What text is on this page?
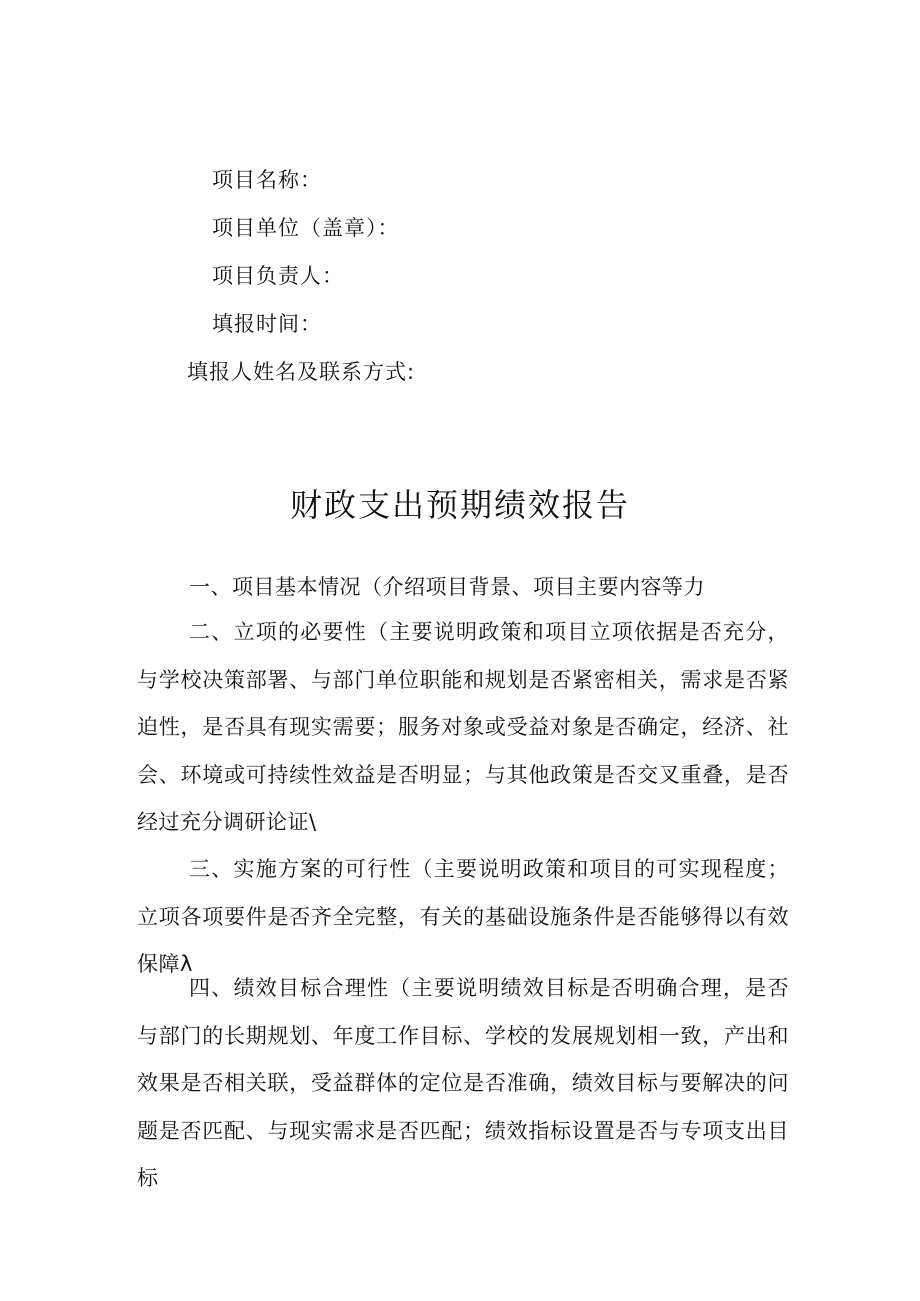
项目名称：
项目单位（盖章）：
项目负责人：
填报时间：
填报人姓名及联系方式:
财政支出预期绩效报告

一、项目基本情况（介绍项目背景、项目主要内容等力

二、立项的必要性（主要说明政策和项目立项依据是否充分，与学校决策部署、与部门单位职能和规划是否紧密相关，需求是否紧迫性，是否具有现实需要；服务对象或受益对象是否确定，经济、社会、环境或可持续性效益是否明显；与其他政策是否交叉重叠，是否经过充分调研论证\

三、实施方案的可行性（主要说明政策和项目的可实现程度；立项各项要件是否齐全完整，有关的基础设施条件是否能够得以有效保障λ

四、绩效目标合理性（主要说明绩效目标是否明确合理，是否与部门的长期规划、年度工作目标、学校的发展规划相一致，产出和效果是否相关联，受益群体的定位是否准确，绩效目标与要解决的问题是否匹配、与现实需求是否匹配；绩效指标设置是否与专项支出目标
